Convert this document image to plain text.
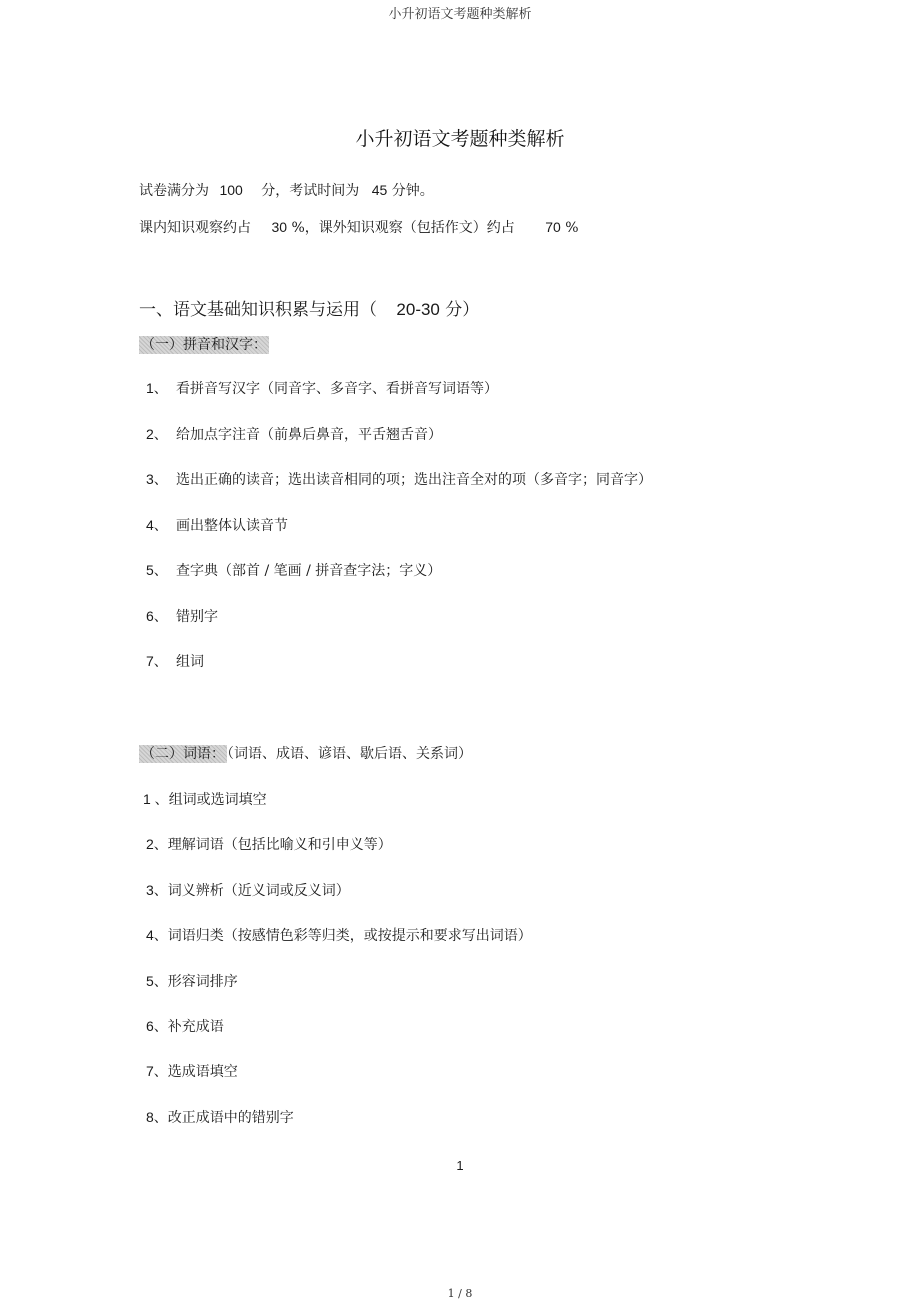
小升初语文考题种类解析
小升初语文考题种类解析
试卷满分为 100 分，考试时间为 45 分钟。
课内知识观察约占 30 %，课外知识观察（包括作文）约占 70 %
一、语文基础知识积累与运用（ 20-30 分）
（一）拼音和汉字：
1、 看拼音写汉字（同音字、多音字、看拼音写词语等）
2、 给加点字注音（前鼻后鼻音，平舌翘舌音）
3、 选出正确的读音；选出读音相同的项；选出注音全对的项（多音字；同音字）
4、 画出整体认读音节
5、 查字典（部首 / 笔画 / 拼音查字法；字义）
6、 错别字
7、 组词
（二）词语： （词语、成语、谚语、歇后语、关系词）
1 、组词或选词填空
2、理解词语（包括比喻义和引申义等）
3、词义辨析（近义词或反义词）
4、词语归类（按感情色彩等归类，或按提示和要求写出词语）
5、形容词排序
6、补充成语
7、选成语填空
8、改正成语中的错别字
1
1 / 8
